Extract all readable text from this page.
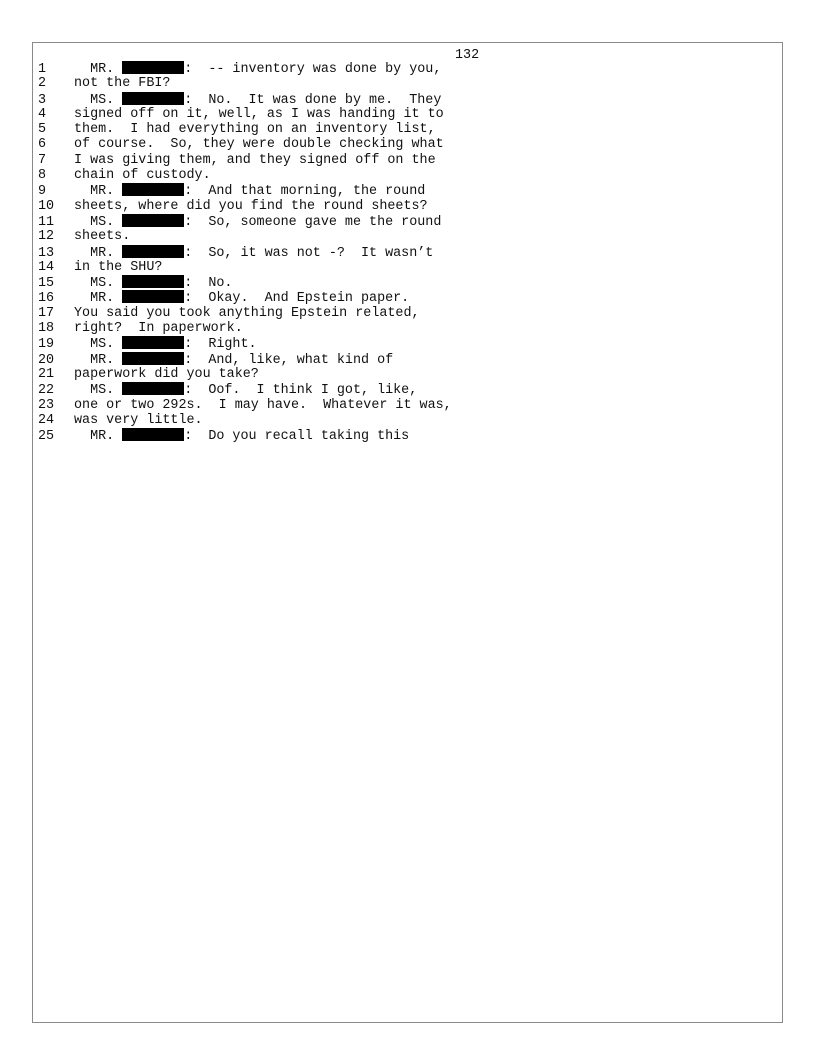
132
1  MR.	:  -- inventory was done by you,
2 not the FBI?
3  MS.	:  No.  It was done by me.  They
4 signed off on it, well, as I was handing it to
5 them.  I had everything on an inventory list,
6 of course.  So, they were double checking what
7 I was giving them, and they signed off on the
8 chain of custody.
9  MR.	:  And that morning, the round
10 sheets, where did you find the round sheets?
11  MS.	:  So, someone gave me the round
12 sheets.
13  MR.	:  So, it was not -?  It wasn’t
14 in the SHU?
15  MS.	:  No.
16  MR.	:  Okay.  And Epstein paper.
17 You said you took anything Epstein related,
18 right?  In paperwork.
19  MS.	:  Right.
20  MR.	:  And, like, what kind of
21 paperwork did you take?
22  MS.	:  Oof.  I think I got, like,
23 one or two 292s.  I may have.  Whatever it was,
24 was very little.
25  MR.	:  Do you recall taking this
